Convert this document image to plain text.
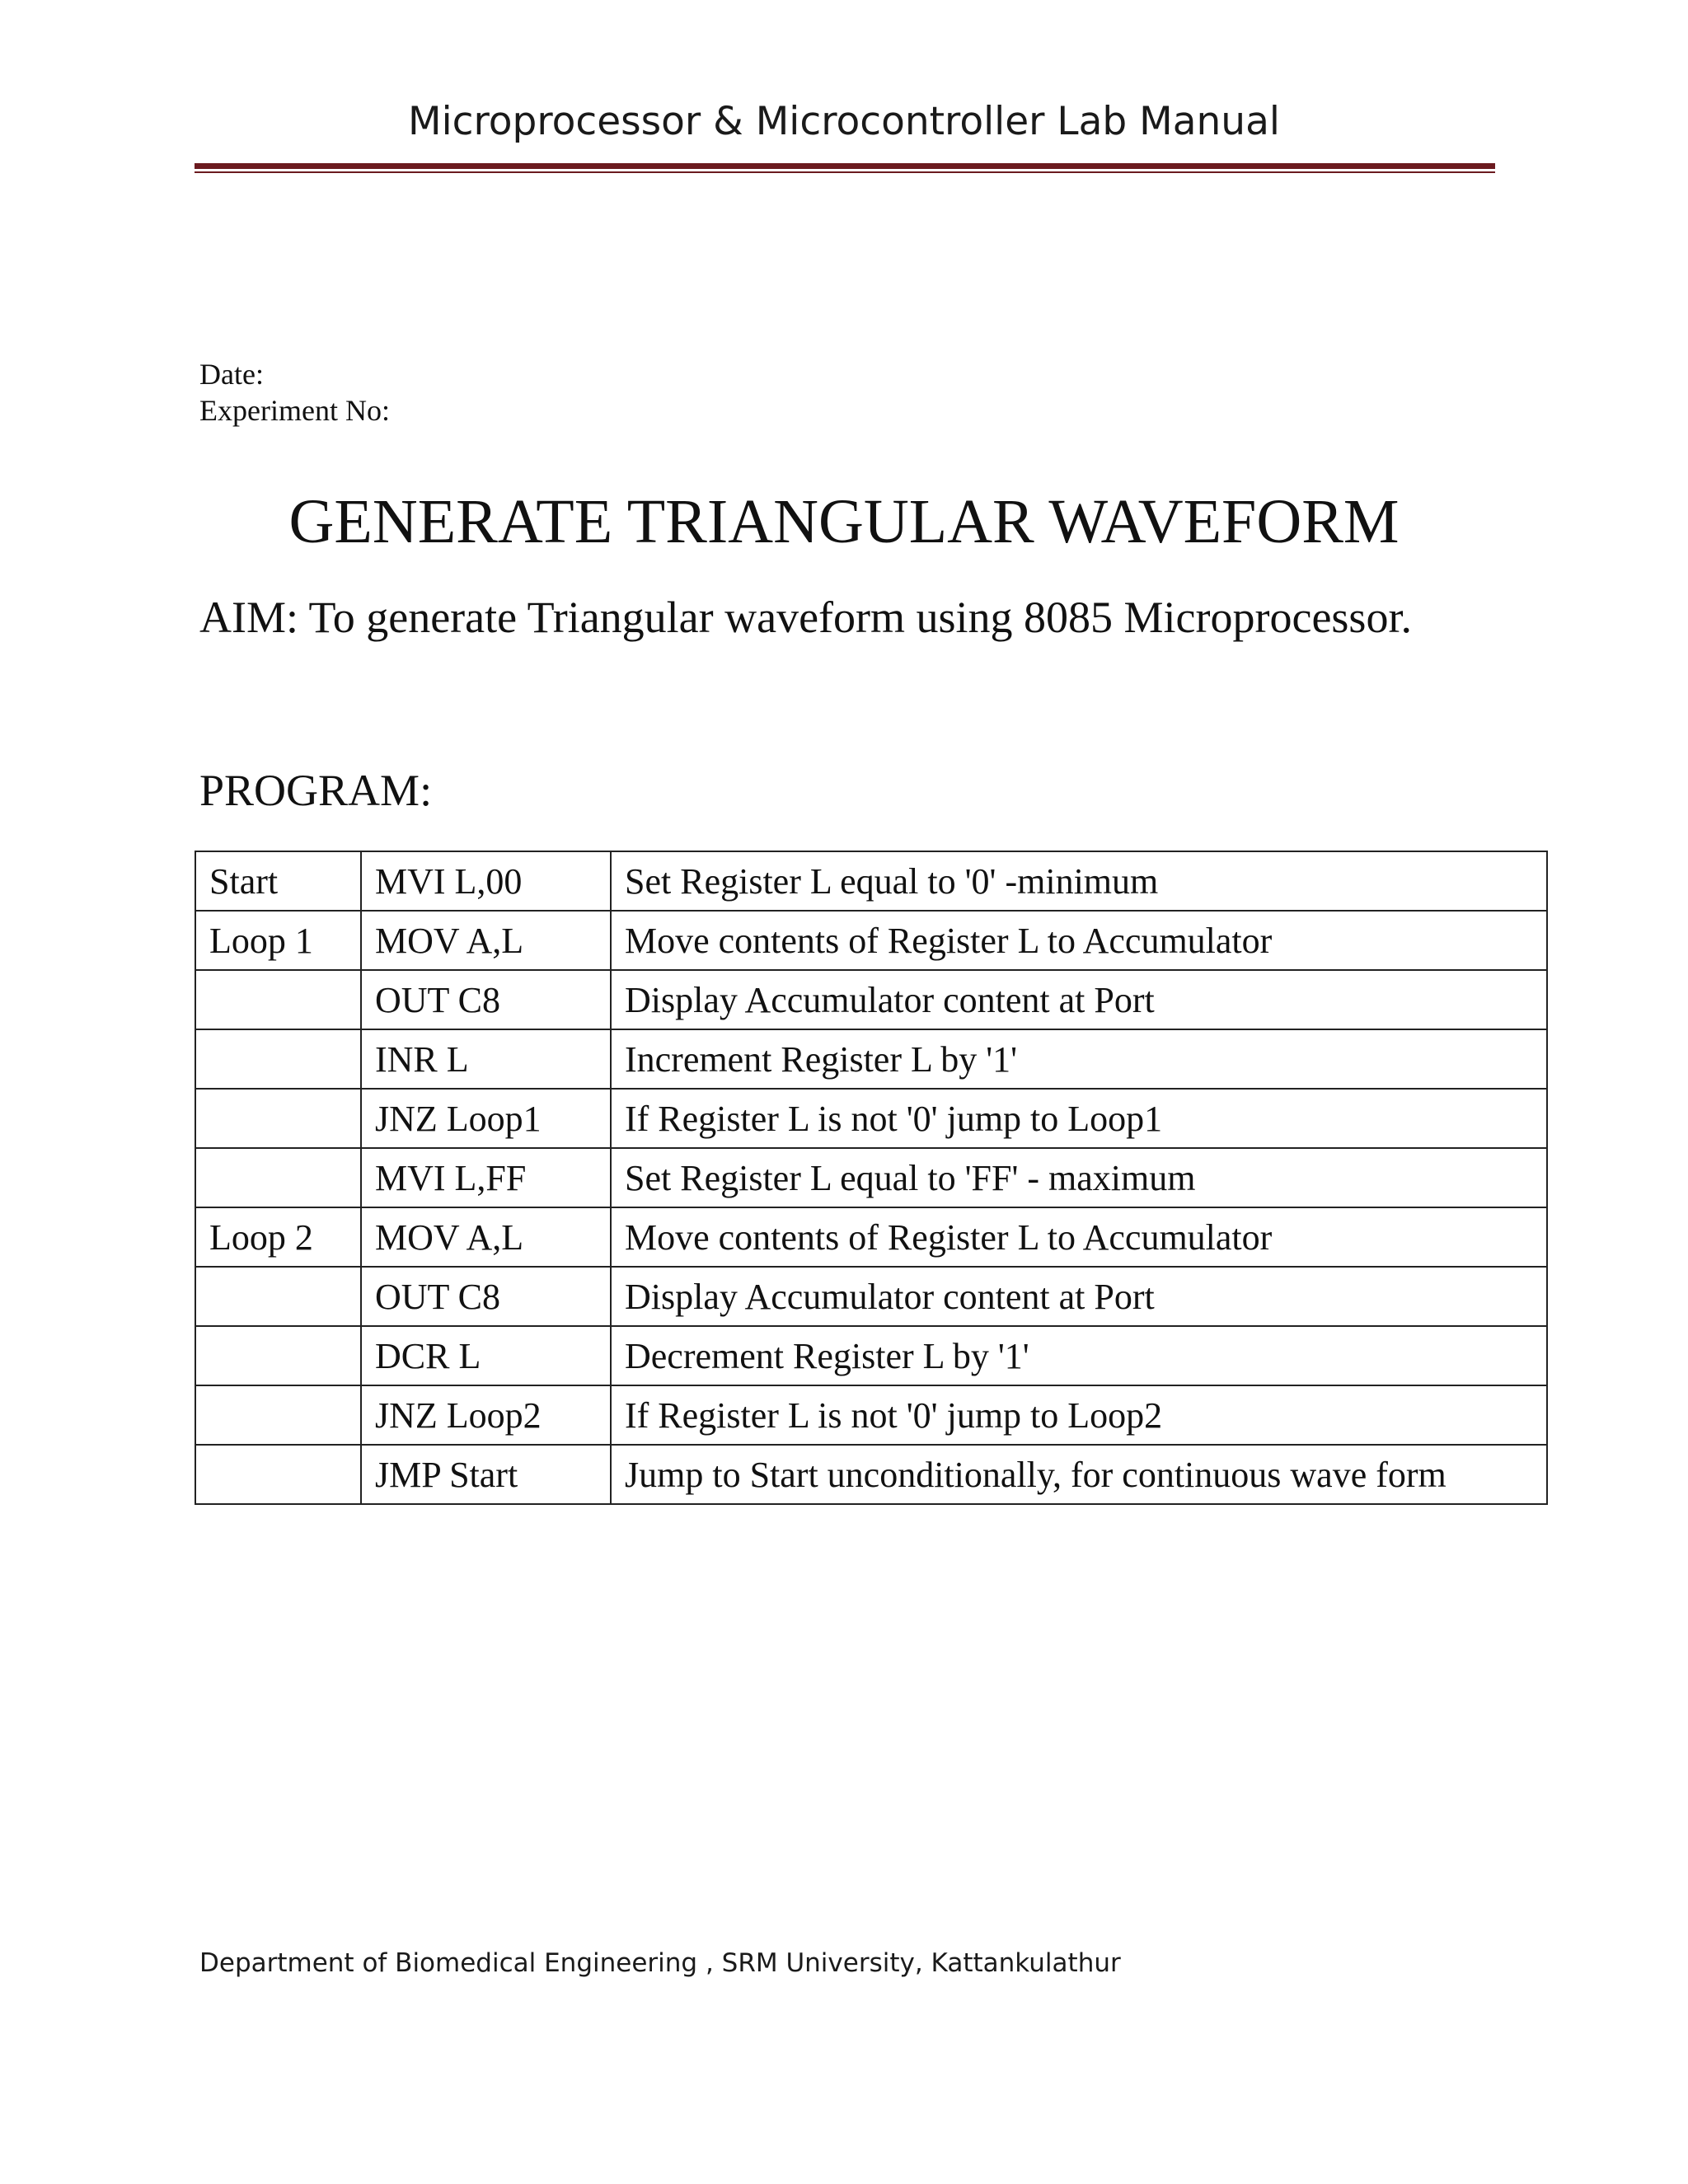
Microprocessor & Microcontroller Lab Manual
Date:
Experiment No:
GENERATE TRIANGULAR WAVEFORM
AIM: To generate Triangular waveform using 8085 Microprocessor.
PROGRAM:
Start	MVI L,00	Set Register L equal to '0' -minimum
Loop 1	MOV A,L	Move contents of Register L to Accumulator
	OUT C8	Display Accumulator content at Port
	INR L	Increment Register L by '1'
	JNZ Loop1	If Register L is not '0' jump to Loop1
	MVI L,FF	Set Register L equal to 'FF' - maximum
Loop 2	MOV A,L	Move contents of Register L to Accumulator
	OUT C8	Display Accumulator content at Port
	DCR L	Decrement Register L by '1'
	JNZ Loop2	If Register L is not '0' jump to Loop2
	JMP Start	Jump to Start unconditionally, for continuous wave form
Department of Biomedical Engineering , SRM University, Kattankulathur
